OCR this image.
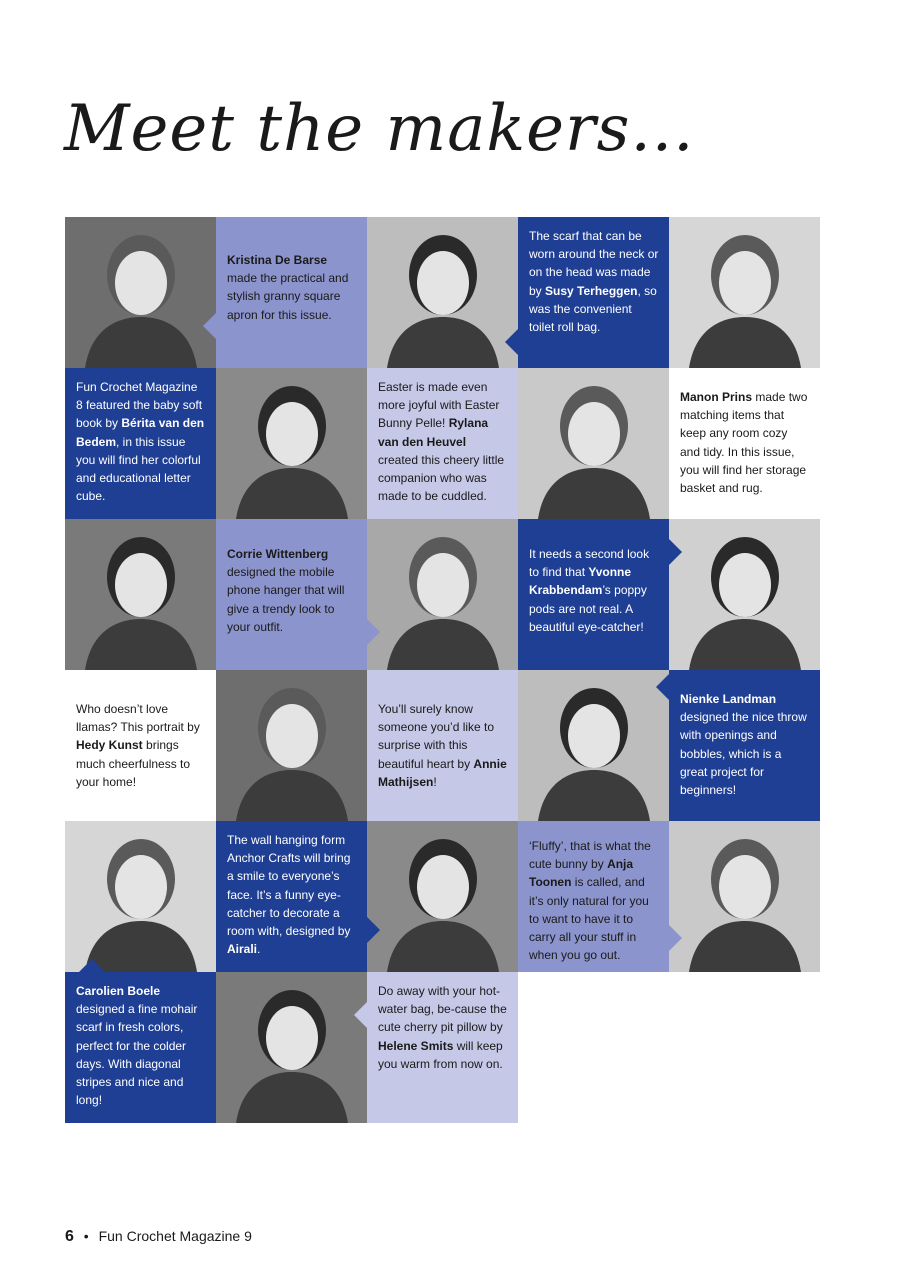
Meet the makers...
Kristina De Barse made the practical and stylish granny square apron for this issue.
The scarf that can be worn around the neck or on the head was made by Susy Terheggen, so was the convenient toilet roll bag.
Fun Crochet Magazine 8 featured the baby soft book by Bérita van den Bedem, in this issue you will find her colorful and educational letter cube.
Easter is made even more joyful with Easter Bunny Pelle! Rylana van den Heuvel created this cheery little companion who was made to be cuddled.
Manon Prins made two matching items that keep any room cozy and tidy. In this issue, you will find her storage basket and rug.
Corrie Wittenberg designed the mobile phone hanger that will give a trendy look to your outfit.
It needs a second look to find that Yvonne Krabbendam’s poppy pods are not real. A beautiful eye-catcher!
Who doesn’t love llamas? This portrait by Hedy Kunst brings much cheerfulness to your home!
You’ll surely know someone you’d like to surprise with this beautiful heart by Annie Mathijsen!
Nienke Landman designed the nice throw with openings and bobbles, which is a great project for beginners!
The wall hanging form Anchor Crafts will bring a smile to everyone’s face. It’s a funny eye-catcher to decorate a room with, designed by Airali.
‘Fluffy’, that is what the cute bunny by Anja Toonen is called, and it’s only natural for you to want to have it to carry all your stuff in when you go out.
Carolien Boele designed a fine mohair scarf in fresh colors, perfect for the colder days. With diagonal stripes and nice and long!
Do away with your hot-water bag, be-cause the cute cherry pit pillow by Helene Smits will keep you warm from now on.
6 • Fun Crochet Magazine 9
